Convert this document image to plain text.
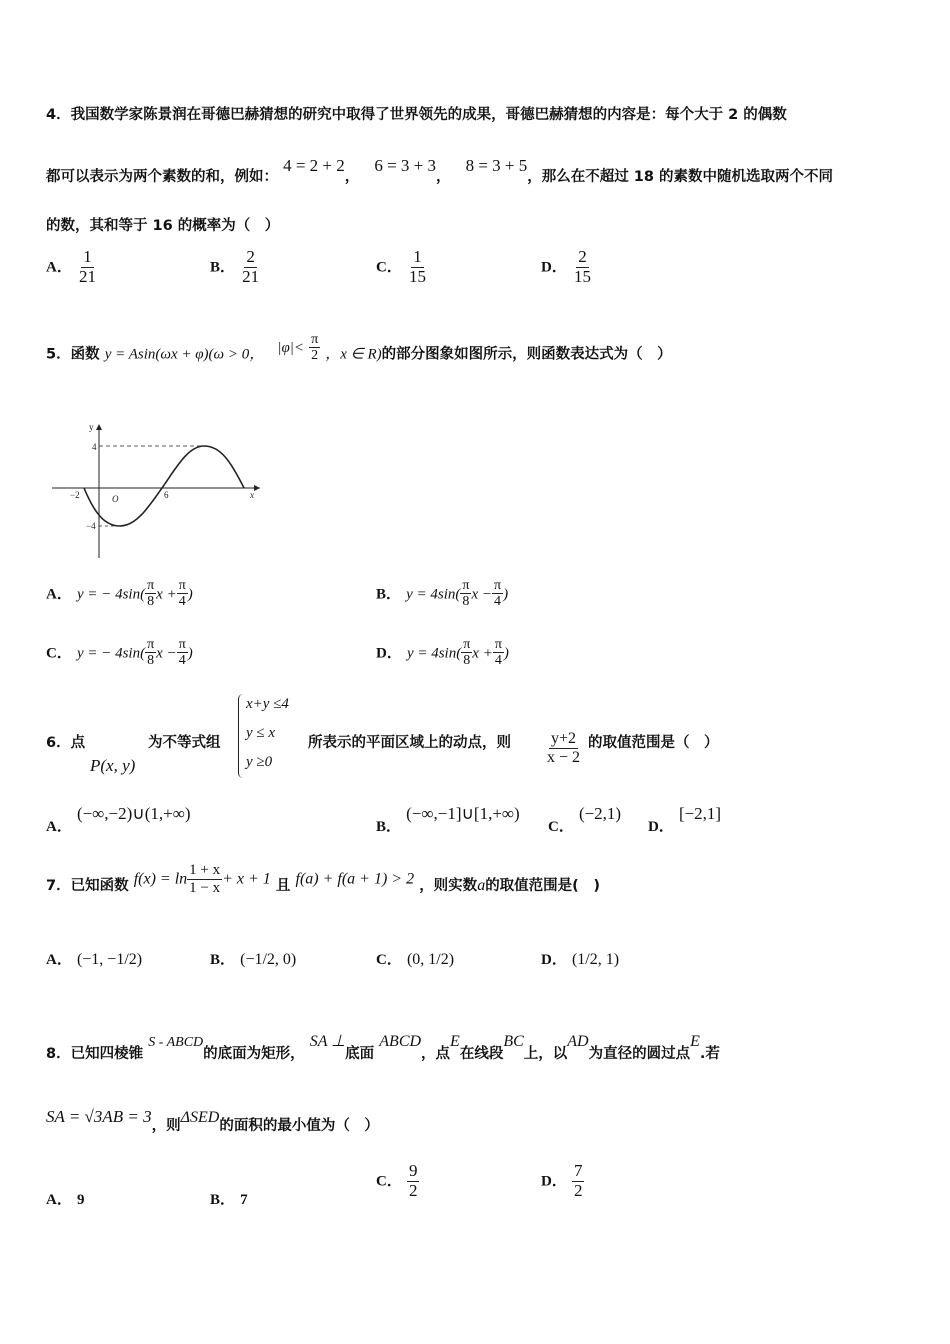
4．我国数学家陈景润在哥德巴赫猜想的研究中取得了世界领先的成果，哥德巴赫猜想的内容是：每个大于 2 的偶数
都可以表示为两个素数的和，例如： 4 = 2 + 2， 6 = 3 + 3， 8 = 3 + 5，那么在不超过 18 的素数中随机选取两个不同
的数，其和等于 16 的概率为（　）
A． $\frac{1}{21}$	B． $\frac{2}{21}$	C． $\frac{1}{15}$	D． $\frac{2}{15}$
5．函数 y = Asin(ωx + φ)(ω > 0， $|\varphi|< \frac{\pi}{2}$ ，x ∈ R)的部分图象如图所示，则函数表达式为（　）
y
4
−4
−2	6
O	x
A． y = − $4\sin( \frac{\pi}{8}$ $x + \frac{\pi}{4}$ )	B． $y = 4\sin( \frac{\pi}{8}$ $x - \frac{\pi}{4}$ )
C． y = − $4\sin( \frac{\pi}{8}$ $x - \frac{\pi}{4}$ )	D． $y = 4\sin( \frac{\pi}{8}$ $x + \frac{\pi}{4}$ )
6．点
P(x, y)
为不等式组
x+y ≤4
y ≤ x
y ≥0
所表示的平面区域上的动点，则 $\frac{y+2}{x - 2}$ 的取值范围是（　）
A． (−∞,−2)∪(1,+∞)
B． (−∞,−1]∪[1,+∞)
C． (−2,1)
D． [−2,1]
7．已知函数 $f(x) = \ln \frac{1 + x}{1 - x} + x + 1$ 且 f(a) + f(a + 1) > 2 ，则实数a的取值范围是(　)
A． (−1, −1/2)	B． (−1/2, 0)	C． (0, 1/2)	D． (1/2, 1)
8．已知四棱锥 S - ABCD的底面为矩形， SA ⊥底面 ABCD，点E在线段BC上，以AD为直径的圆过点E.若
SA = √3AB = 3，则ΔSED的面积的最小值为（　）
A． 9	B． 7
C． $\frac{9}{2}$	D． $\frac{7}{2}$
